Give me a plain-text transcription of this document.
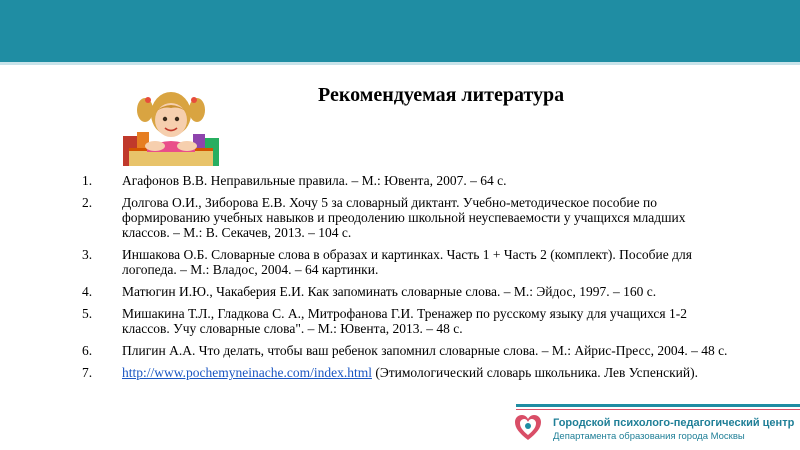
Рекомендуемая литература
1. Агафонов В.В. Неправильные правила. – М.: Ювента, 2007. – 64 с.
2. Долгова О.И., Зиборова Е.В. Хочу 5 за словарный диктант. Учебно-методическое пособие по формированию учебных навыков и преодолению школьной неуспеваемости у учащихся младших классов. – М.: В. Секачев, 2013. – 104 с.
3. Иншакова О.Б. Словарные слова в образах и картинках. Часть 1 + Часть 2 (комплект). Пособие для логопеда. – М.: Владос, 2004. – 64 картинки.
4. Матюгин И.Ю., Чакаберия Е.И. Как запоминать словарные слова. – М.: Эйдос, 1997. – 160 с.
5. Мишакина Т.Л., Гладкова С. А., Митрофанова Г.И. Тренажер по русскому языку для учащихся 1-2 классов. Учу словарные слова". – М.: Ювента, 2013. – 48 с.
6. Плигин А.А. Что делать, чтобы ваш ребенок запомнил словарные слова. – М.: Айрис-Пресс, 2004. – 48 с.
7. http://www.pochemyneinache.com/index.html (Этимологический словарь школьника. Лев Успенский).
Городской психолого-педагогический центр
Департамента образования города Москвы
